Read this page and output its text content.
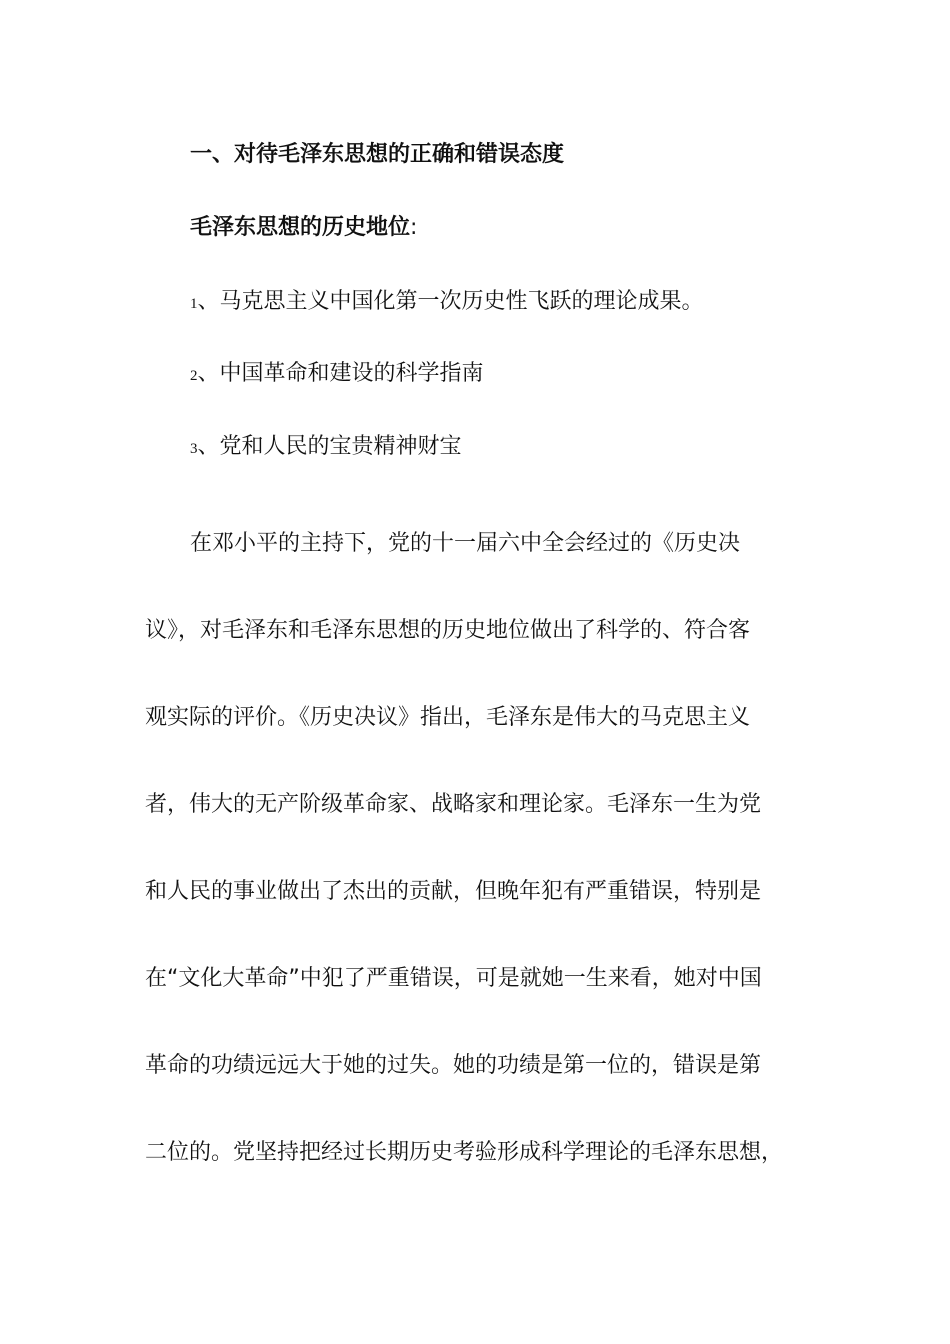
一、对待毛泽东思想的正确和错误态度
毛泽东思想的历史地位:
1、马克思主义中国化第一次历史性飞跃的理论成果。
2、中国革命和建设的科学指南
3、党和人民的宝贵精神财宝
在邓小平的主持下，党的十一届六中全会经过的《历史决
议》，对毛泽东和毛泽东思想的历史地位做出了科学的、符合客
观实际的评价。《历史决议》指出，毛泽东是伟大的马克思主义
者，伟大的无产阶级革命家、战略家和理论家。毛泽东一生为党
和人民的事业做出了杰出的贡献，但晚年犯有严重错误，特别是
在“文化大革命”中犯了严重错误，可是就她一生来看，她对中国
革命的功绩远远大于她的过失。她的功绩是第一位的，错误是第
二位的。党坚持把经过长期历史考验形成科学理论的毛泽东思想，
